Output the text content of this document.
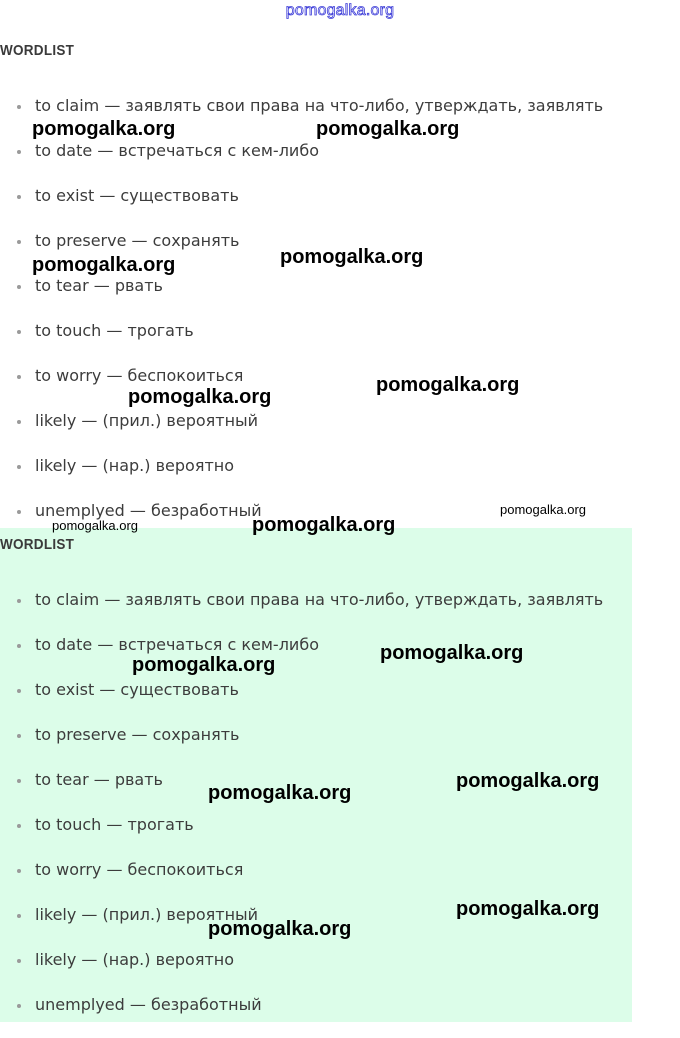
pomogalka.org
WORDLIST
to claim — заявлять свои права на что-либо, утверждать, заявлять
to date — встречаться с кем-либо
to exist — существовать
to preserve — сохранять
to tear — рвать
to touch — трогать
to worry — беспокоиться
likely — (прил.) вероятный
likely — (нар.) вероятно
unemplyed — безработный
WORDLIST
to claim — заявлять свои права на что-либо, утверждать, заявлять
to date — встречаться с кем-либо
to exist — существовать
to preserve — сохранять
to tear — рвать
to touch — трогать
to worry — беспокоиться
likely — (прил.) вероятный
likely — (нар.) вероятно
unemplyed — безработный
pomogalka.org	pomogalka.org
pomogalka.org	pomogalka.org
pomogalka.org
pomogalka.org
pomogalka.org
pomogalka.org	pomogalka.org
pomogalka.org
pomogalka.org
pomogalka.org
pomogalka.org
pomogalka.org
pomogalka.org
